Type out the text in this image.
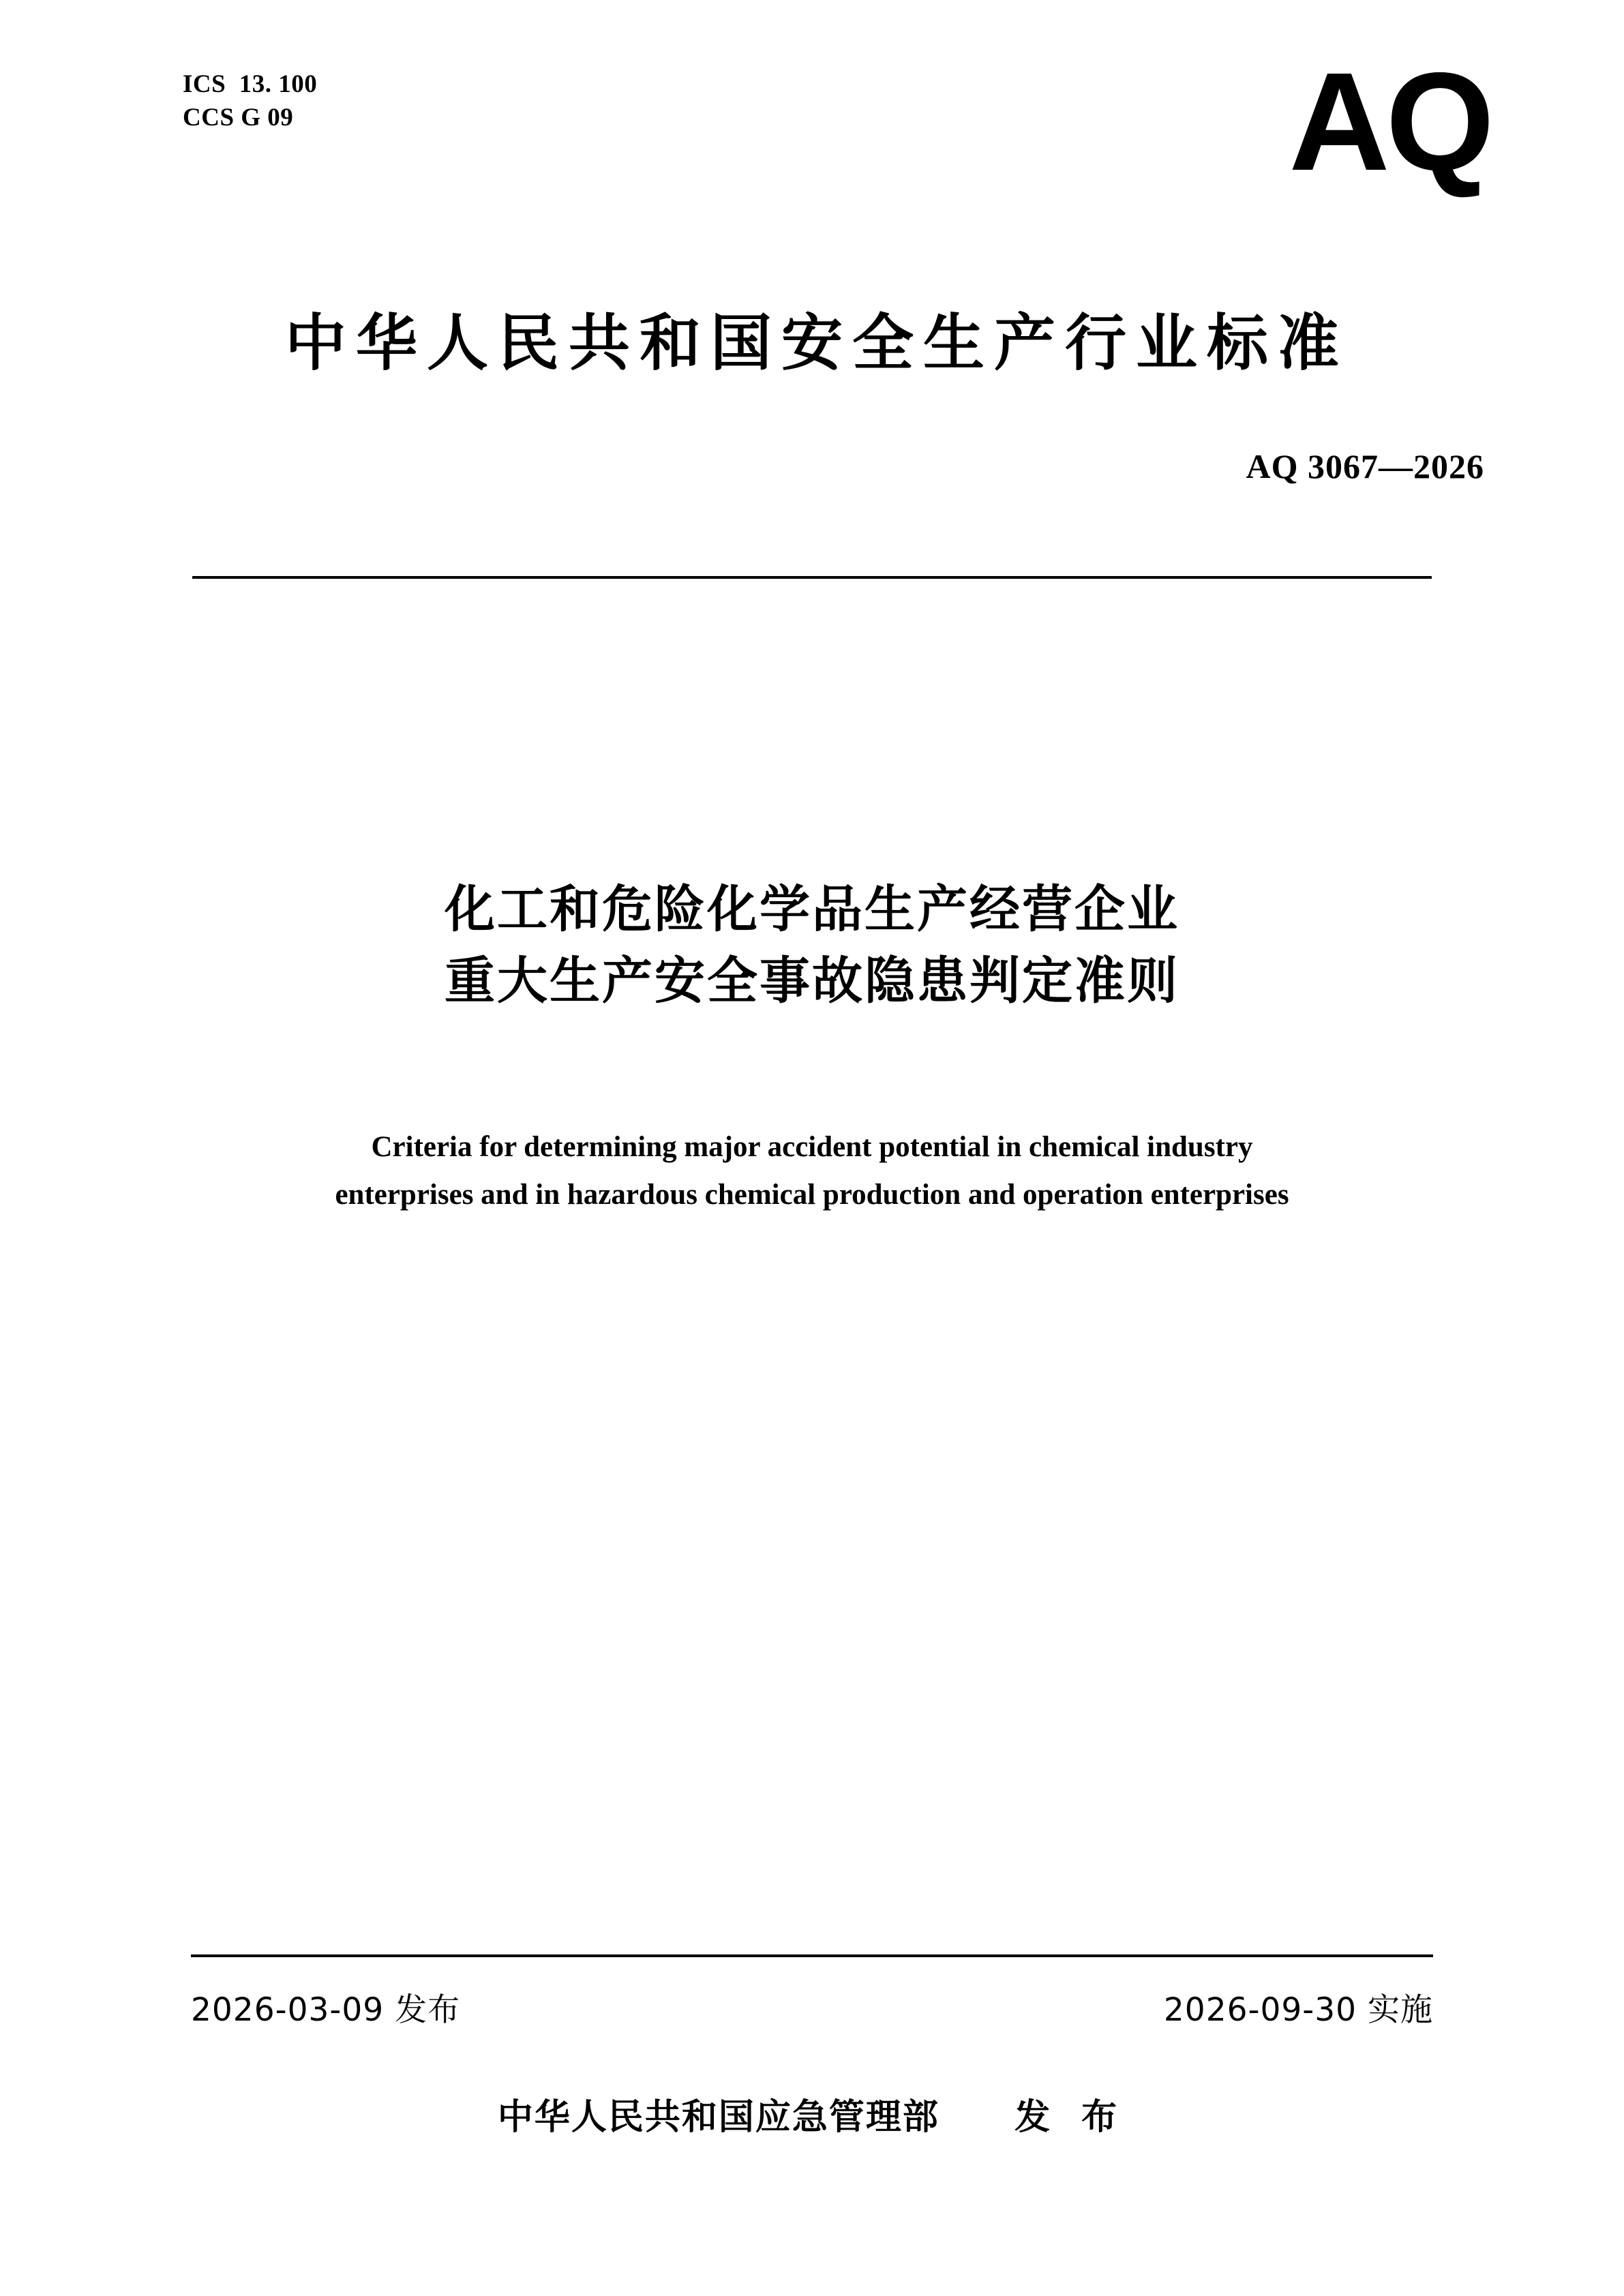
ICS  13. 100
CCS G 09	AQ
中华人民共和国安全生产行业标准
AQ 3067—2026
化工和危险化学品生产经营企业
重大生产安全事故隐患判定准则
Criteria for determining major accident potential in chemical industry
enterprises and in hazardous chemical production and operation enterprises
2026-03-09 发布	2026-09-30 实施
中华人民共和国应急管理部 发 布
